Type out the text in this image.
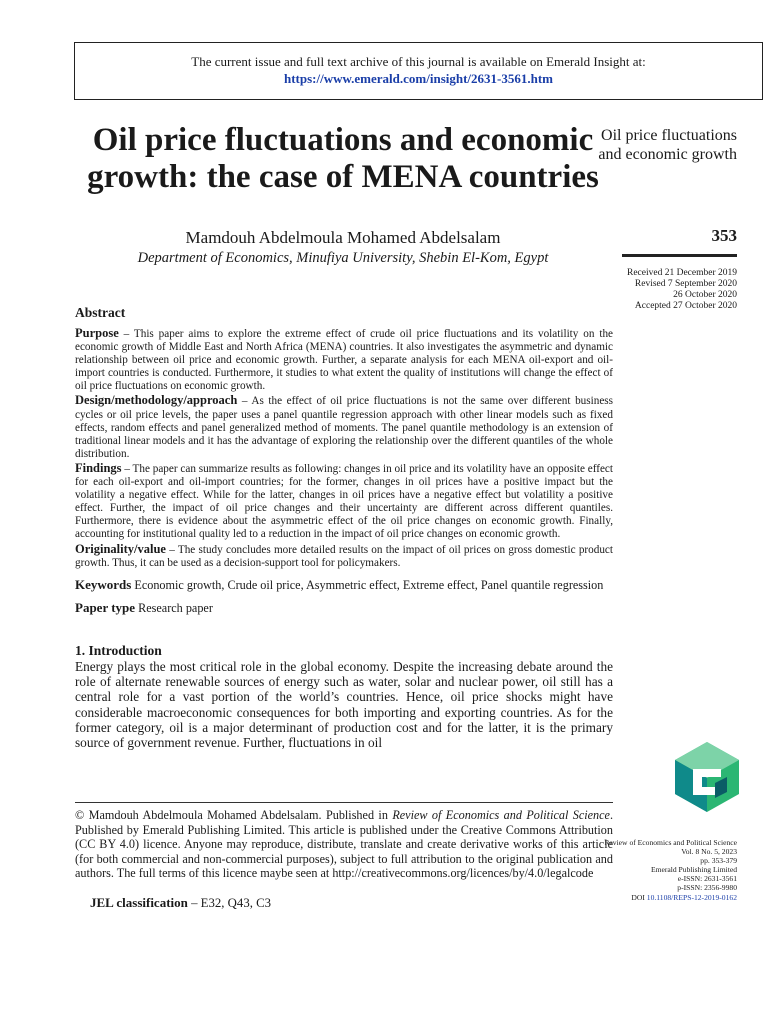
The current issue and full text archive of this journal is available on Emerald Insight at:
https://www.emerald.com/insight/2631-3561.htm
Oil price fluctuations and economic growth: the case of MENA countries
Mamdouh Abdelmoula Mohamed Abdelsalam
Department of Economics, Minufiya University, Shebin El-Kom, Egypt
Oil price fluctuations and economic growth
353
Received 21 December 2019
Revised 7 September 2020
26 October 2020
Accepted 27 October 2020
Abstract

Purpose – This paper aims to explore the extreme effect of crude oil price fluctuations and its volatility on the economic growth of Middle East and North Africa (MENA) countries. It also investigates the asymmetric and dynamic relationship between oil price and economic growth. Further, a separate analysis for each MENA oil-export and oil-import countries is conducted. Furthermore, it studies to what extent the quality of institutions will change the effect of oil price fluctuations on economic growth.

Design/methodology/approach – As the effect of oil price fluctuations is not the same over different business cycles or oil price levels, the paper uses a panel quantile regression approach with other linear models such as fixed effects, random effects and panel generalized method of moments. The panel quantile methodology is an extension of traditional linear models and it has the advantage of exploring the relationship over the different quantiles of the whole distribution.

Findings – The paper can summarize results as following: changes in oil price and its volatility have an opposite effect for each oil-export and oil-import countries; for the former, changes in oil prices have a positive impact but the volatility a negative effect. While for the latter, changes in oil prices have a negative effect but volatility a positive effect. Further, the impact of oil price changes and their uncertainty are different across different quantiles. Furthermore, there is evidence about the asymmetric effect of the oil price changes on economic growth. Finally, accounting for institutional quality led to a reduction in the impact of oil price changes on economic growth.

Originality/value – The study concludes more detailed results on the impact of oil prices on gross domestic product growth. Thus, it can be used as a decision-support tool for policymakers.

Keywords Economic growth, Crude oil price, Asymmetric effect, Extreme effect, Panel quantile regression

Paper type Research paper

1. Introduction

Energy plays the most critical role in the global economy. Despite the increasing debate around the role of alternate renewable sources of energy such as water, solar and nuclear power, oil still has a central role for a vast portion of the world’s countries. Hence, oil price shocks might have considerable macroeconomic consequences for both importing and exporting countries. As for the former category, oil is a major determinant of production cost and for the latter, it is the primary source of government revenue. Further, fluctuations in oil

© Mamdouh Abdelmoula Mohamed Abdelsalam. Published in Review of Economics and Political Science. Published by Emerald Publishing Limited. This article is published under the Creative Commons Attribution (CC BY 4.0) licence. Anyone may reproduce, distribute, translate and create derivative works of this article (for both commercial and non-commercial purposes), subject to full attribution to the original publication and authors. The full terms of this licence maybe seen at http://creativecommons.org/licences/by/4.0/legalcode

JEL classification – E32, Q43, C3
Review of Economics and Political Science
Vol. 8 No. 5, 2023
pp. 353-379
Emerald Publishing Limited
e-ISSN: 2631-3561
p-ISSN: 2356-9980
DOI 10.1108/REPS-12-2019-0162
